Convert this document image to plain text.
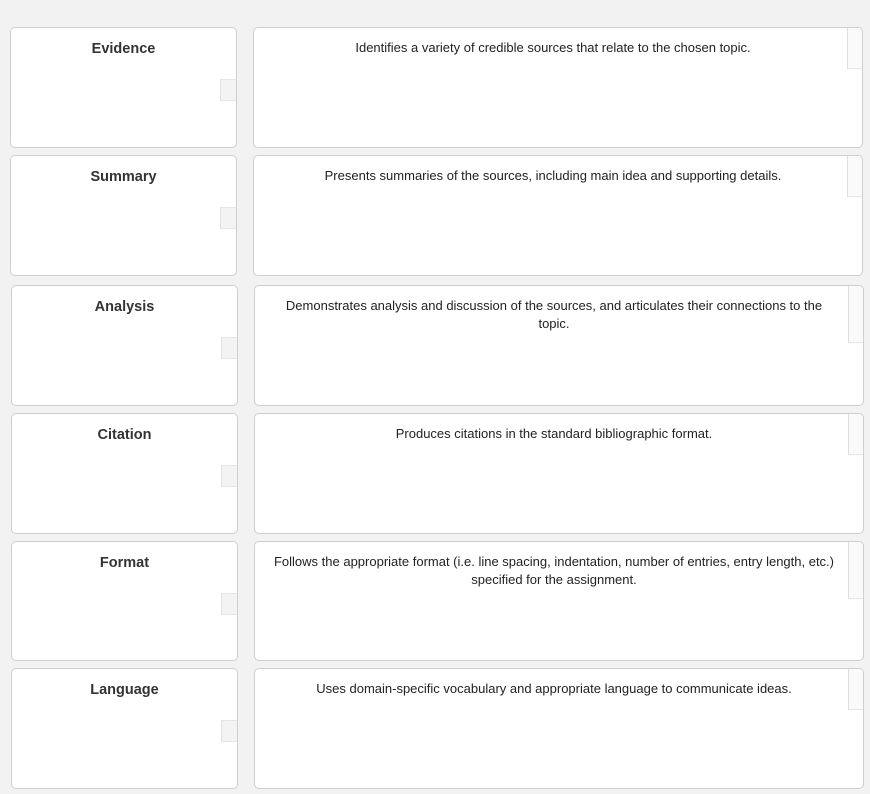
Evidence	Identifies a variety of credible sources that relate to the chosen topic.
Summary	Presents summaries of the sources, including main idea and supporting details.
Analysis	Demonstrates analysis and discussion of the sources, and articulates their connections to the topic.
Citation	Produces citations in the standard bibliographic format.
Format	Follows the appropriate format (i.e. line spacing, indentation, number of entries, entry length, etc.) specified for the assignment.
Language	Uses domain-specific vocabulary and appropriate language to communicate ideas.
